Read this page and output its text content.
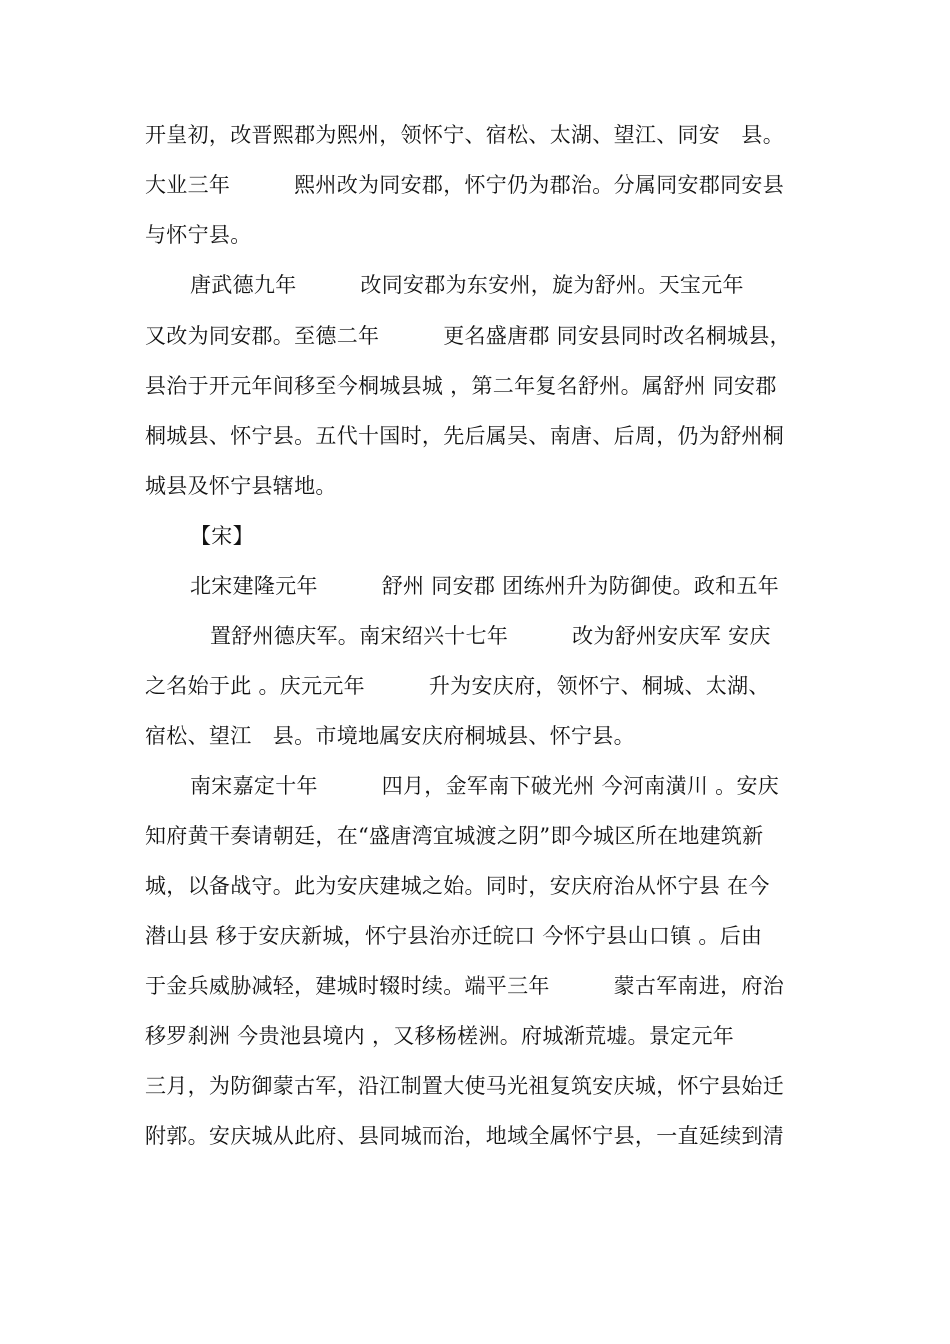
开皇初，改晋熙郡为熙州，领怀宁、宿松、太湖、望江、同安　县。
大业三年　　　熙州改为同安郡，怀宁仍为郡治。分属同安郡同安县
与怀宁县。
唐武德九年　　　改同安郡为东安州，旋为舒州。天宝元年
又改为同安郡。至德二年　　　更名盛唐郡 同安县同时改名桐城县，
县治于开元年间移至今桐城县城 ，第二年复名舒州。属舒州 同安郡
桐城县、怀宁县。五代十国时，先后属吴、南唐、后周，仍为舒州桐
城县及怀宁县辖地。
【宋】
北宋建隆元年　　　舒州 同安郡 团练州升为防御使。政和五年
置舒州德庆军。南宋绍兴十七年　　　改为舒州安庆军 安庆
之名始于此 。庆元元年　　　升为安庆府，领怀宁、桐城、太湖、
宿松、望江　县。市境地属安庆府桐城县、怀宁县。
南宋嘉定十年　　　四月，金军南下破光州 今河南潢川 。安庆
知府黄干奏请朝廷，在“盛唐湾宜城渡之阴”即今城区所在地建筑新
城，以备战守。此为安庆建城之始。同时，安庆府治从怀宁县 在今
潜山县 移于安庆新城，怀宁县治亦迁皖口 今怀宁县山口镇 。后由
于金兵威胁减轻，建城时辍时续。端平三年　　　蒙古军南进，府治
移罗刹洲 今贵池县境内 ，又移杨槎洲。府城渐荒墟。景定元年
三月，为防御蒙古军，沿江制置大使马光祖复筑安庆城，怀宁县始迁
附郭。安庆城从此府、县同城而治，地域全属怀宁县，一直延续到清
